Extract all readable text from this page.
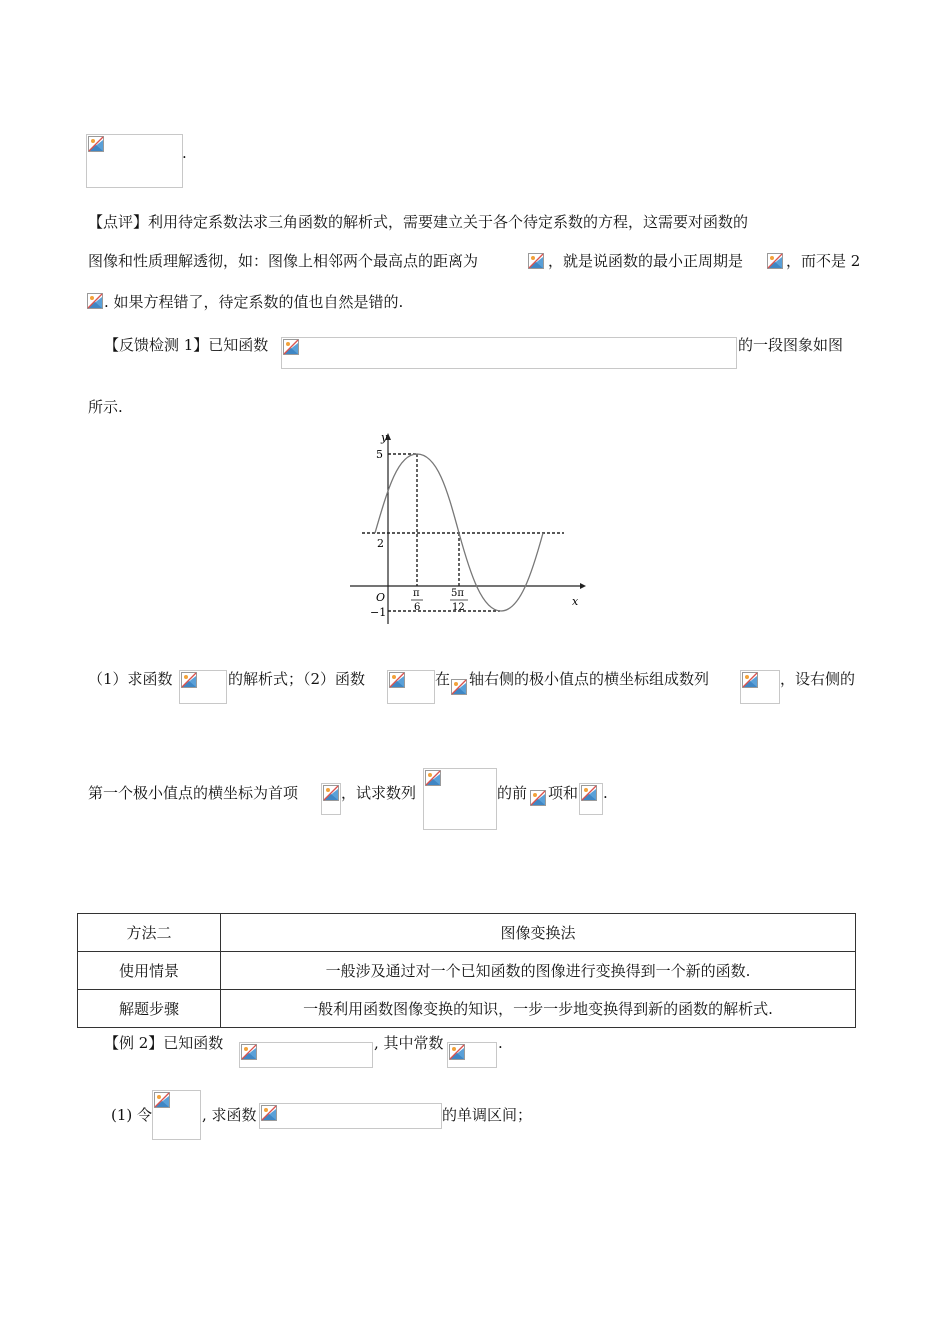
.
【点评】利用待定系数法求三角函数的解析式，需要建立关于各个待定系数的方程，这需要对函数的
图像和性质理解透彻，如：图像上相邻两个最高点的距离为	，就是说函数的最小正周期是	，而不是 2
. 如果方程错了，待定系数的值也自然是错的.
【反馈检测 1】已知函数	的一段图象如图
所示.
y
x
O
5
2
−1
π
6
5π
12
（1）求函数	的解析式；（2）函数	在 轴右侧的极小值点的横坐标组成数列	，设右侧的
第一个极小值点的横坐标为首项	，试求数列	的前 项和 .
方法二	图像变换法
使用情景	一般涉及通过对一个已知函数的图像进行变换得到一个新的函数.
解题步骤	一般利用函数图像变换的知识，一步一步地变换得到新的函数的解析式.
【例 2】已知函数	, 其中常数	.
(1) 令	, 求函数	的单调区间；
